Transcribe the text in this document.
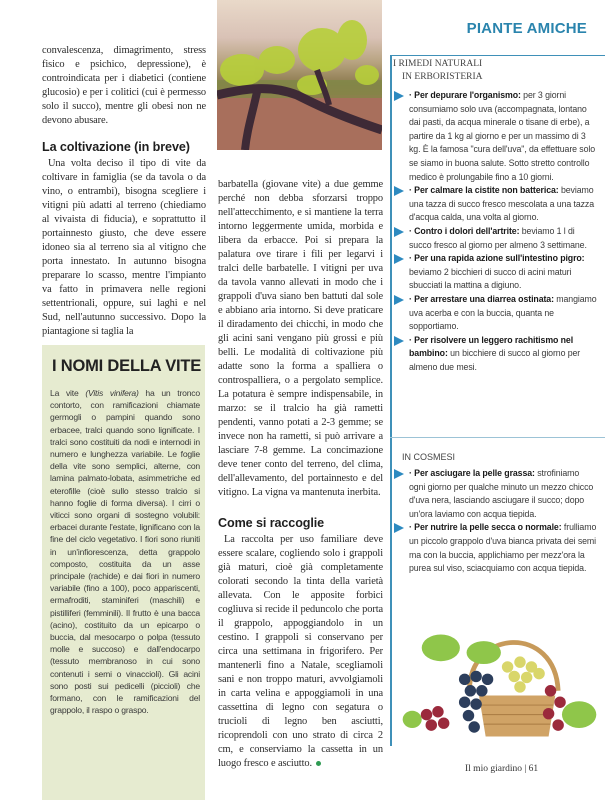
convalescenza, dimagrimento, stress fisico e psichico, depressione), è controindicata per i diabetici (contiene glucosio) e per i colitici (cui è permesso solo il succo), mentre gli obesi non ne devono abusare.

La coltivazione (in breve)

Una volta deciso il tipo di vite da coltivare in famiglia (se da tavola o da vino, o entrambi), bisogna scegliere i vitigni più adatti al terreno (chiediamo al vivaista di fiducia), e soprattutto il portainnesto giusto, che deve essere idoneo sia al terreno sia al vitigno che porta innestato. In autunno bisogna preparare lo scasso, mentre l'impianto va fatto in primavera nelle regioni settentrionali, oppure, sui laghi e nel Sud, nell'autunno successivo. Dopo la piantagione si taglia la

barbatella (giovane vite) a due gemme perché non debba sforzarsi troppo nell'attecchimento, e si mantiene la terra intorno leggermente umida, morbida e libera da erbacce. Poi si prepara la palatura ove tirare i fili per legarvi i tralci delle barbatelle. I vitigni per uva da tavola vanno allevati in modo che i grappoli d'uva siano ben battuti dal sole e abbiano aria intorno. Si deve praticare il diradamento dei chicchi, in modo che gli acini sani vengano più grossi e più belli. Le modalità di coltivazione più adatte sono la forma a spalliera o controspalliera, o a pergolato semplice. La potatura è sempre indispensabile, in marzo: se il tralcio ha già rametti pendenti, vanno potati a 2-3 gemme; se invece non ha rametti, si può arrivare a lasciare 7-8 gemme. La concimazione deve tener conto del terreno, del clima, dell'allevamento, del portainnesto e del vitigno. La vigna va mantenuta inerbita.

Come si raccoglie

La raccolta per uso familiare deve essere scalare, cogliendo solo i grappoli già maturi, cioè già completamente colorati secondo la tinta della varietà allevata. Con le apposite forbici cogliuva si recide il peduncolo che porta il grappolo, appoggiandolo in un cestino. I grappoli si conservano per circa una settimana in frigorifero. Per mantenerli fino a Natale, scegliamoli sani e non troppo maturi, avvolgiamoli in carta velina e appoggiamoli in una cassettina di legno con segatura o trucioli di legno ben asciutti, ricoprendoli con uno strato di circa 2 cm, e conserviamo la cassetta in un luogo fresco e asciutto.

I NOMI DELLA VITE
La vite (Vitis vinifera) ha un tronco contorto, con ramificazioni chiamate germogli o pampini quando sono erbacee, tralci quando sono lignificate. I tralci sono costituiti da nodi e internodi in numero e lunghezza variabile. Le foglie della vite sono semplici, alterne, con lamina palmato-lobata, asimmetriche ed eterofille (cioè sullo stesso tralcio si hanno foglie di forma diversa). I cirri o viticci sono organi di sostegno volubili: erbacei durante l'estate, lignificano con la fine del ciclo vegetativo. I fiori sono riuniti in un'infiorescenza, detta grappolo composto, costituita da un asse principale (rachide) e dai fiori in numero variabile (fino a 100), poco appariscenti, ermafroditi, staminiferi (maschili) e pistilliferi (femminili). Il frutto è una bacca (acino), costituito da un epicarpo o buccia, dal mesocarpo o polpa (tessuto molle e succoso) e dall'endocarpo (tessuto membranoso in cui sono contenuti i semi o vinaccioli). Gli acini sono posti sui pedicelli (piccioli) che formano, con le ramificazioni del grappolo, il raspo o graspo.
PIANTE AMICHE
I RIMEDI NATURALI
IN ERBORISTERIA

· Per depurare l'organismo: per 3 giorni consumiamo solo uva (accompagnata, lontano dai pasti, da acqua minerale o tisane di erbe), a partire da 1 kg al giorno e per un massimo di 3 kg. È la famosa "cura dell'uva", da effettuare solo se siamo in buona salute. Sotto stretto controllo medico è prolungabile fino a 10 giorni.

· Per calmare la cistite non batterica: beviamo una tazza di succo fresco mescolata a una tazza d'acqua calda, una volta al giorno.

· Contro i dolori dell'artrite: beviamo 1 l di succo fresco al giorno per almeno 3 settimane.

· Per una rapida azione sull'intestino pigro: beviamo 2 bicchieri di succo di acini maturi sbucciati la mattina a digiuno.

· Per arrestare una diarrea ostinata: mangiamo uva acerba e con la buccia, quanta ne sopportiamo.

· Per risolvere un leggero rachitismo nel bambino: un bicchiere di succo al giorno per almeno due mesi.

IN COSMESI

· Per asciugare la pelle grassa: strofiniamo ogni giorno per qualche minuto un mezzo chicco d'uva nera, lasciando asciugare il succo; dopo un'ora laviamo con acqua tiepida.

· Per nutrire la pelle secca o normale: frulliamo un piccolo grappolo d'uva bianca privata dei semi ma con la buccia, applichiamo per mezz'ora la purea sul viso, sciacquiamo con acqua tiepida.

Il mio giardino | 61
